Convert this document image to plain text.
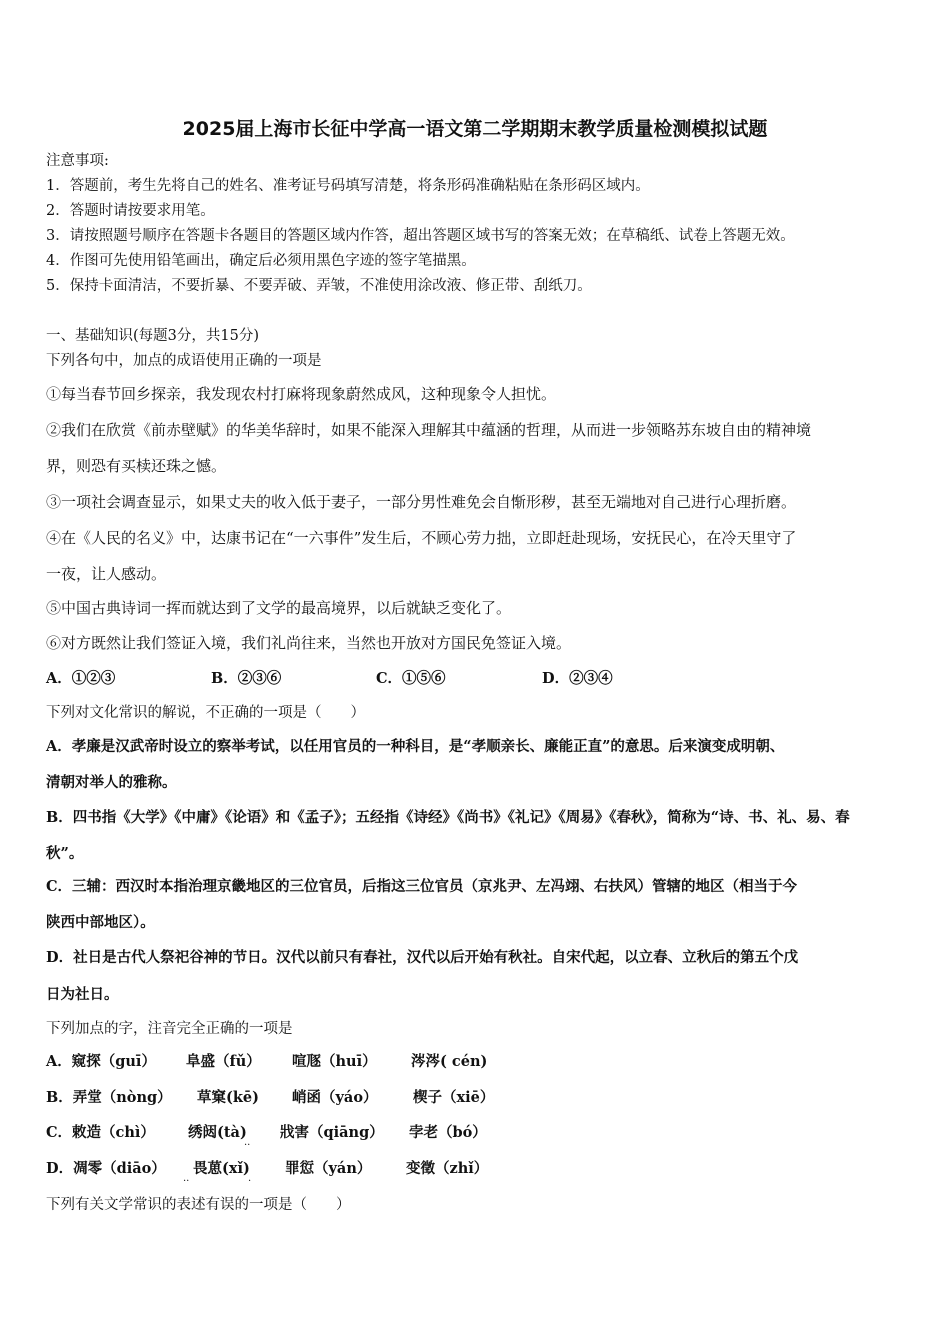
2025届上海市长征中学高一语文第二学期期末教学质量检测模拟试题
注意事项:
1．答题前，考生先将自己的姓名、准考证号码填写清楚，将条形码准确粘贴在条形码区域内。
2．答题时请按要求用笔。
3．请按照题号顺序在答题卡各题目的答题区域内作答，超出答题区域书写的答案无效；在草稿纸、试卷上答题无效。
4．作图可先使用铅笔画出，确定后必须用黑色字迹的签字笔描黑。
5．保持卡面清洁，不要折暴、不要弄破、弄皱，不准使用涂改液、修正带、刮纸刀。
一、基础知识(每题3分，共15分)
下列各句中，加点的成语使用正确的一项是
①每当春节回乡探亲，我发现农村打麻将现象蔚然成风，这种现象令人担忧。
②我们在欣赏《前赤壁赋》的华美华辞时，如果不能深入理解其中蕴涵的哲理，从而进一步领略苏东坡自由的精神境
界，则恐有买椟还珠之憾。
③一项社会调查显示，如果丈夫的收入低于妻子，一部分男性难免会自惭形秽，甚至无端地对自己进行心理折磨。
④在《人民的名义》中，达康书记在“一六事件”发生后，不顾心劳力拙，立即赶赴现场，安抚民心，在冷天里守了
一夜，让人感动。
⑤中国古典诗词一挥而就达到了文学的最高境界，以后就缺乏变化了。
⑥对方既然让我们签证入境，我们礼尚往来，当然也开放对方国民免签证入境。
A．①②③	B．②③⑥	C．①⑤⑥	D．②③④
下列对文化常识的解说，不正确的一项是（　　）
A．孝廉是汉武帝时设立的察举考试，以任用官员的一种科目，是“孝顺亲长、廉能正直”的意思。后来演变成明朝、
清朝对举人的雅称。
B．四书指《大学》《中庸》《论语》和《孟子》；五经指《诗经》《尚书》《礼记》《周易》《春秋》，简称为“诗、书、礼、易、春
秋”。
C．三辅：西汉时本指治理京畿地区的三位官员，后指这三位官员（京兆尹、左冯翊、右扶风）管辖的地区（相当于今
陕西中部地区）。
D．社日是古代人祭祀谷神的节日。汉代以前只有春社，汉代以后开始有秋社。自宋代起，以立春、立秋后的第五个戊
日为社日。
下列加点的字，注音完全正确的一项是
A．窥探（guī） 阜盛（fǔ） 喧豗（huī） 涔涔( cén)
B．弄堂（nòng） 草窠(kē) 峭函（yáo） 楔子（xiē）
C．敕造（chì） 绣闼(tà) 戕害（qiāng） 孛老（bó）
..
D．凋零（diāo） 畏葸(xǐ) 罪愆（yán） 变徵（zhǐ）
..	.
下列有关文学常识的表述有误的一项是（　　）
